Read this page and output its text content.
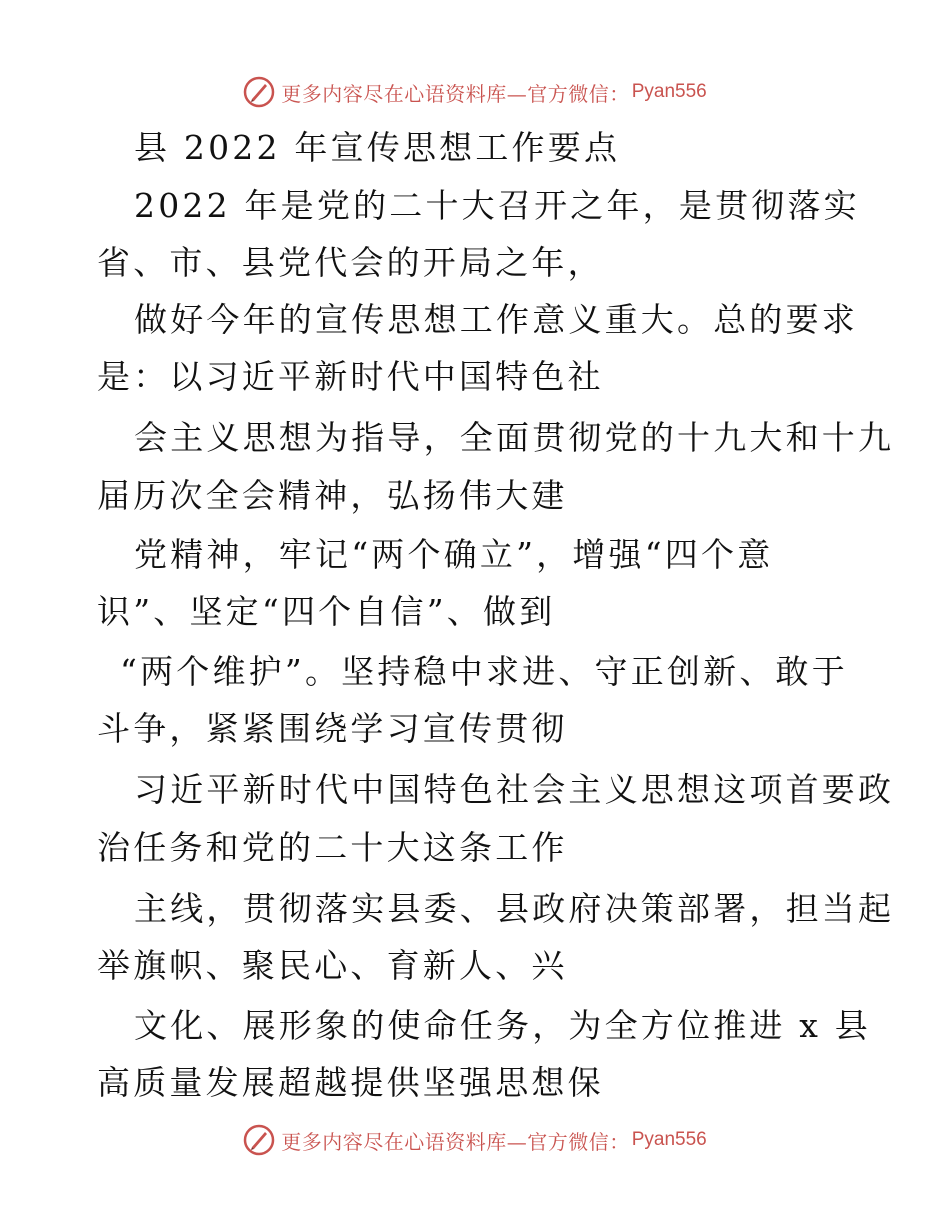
更多内容尽在心语资料库—官方微信： Pyan556
县 2022 年宣传思想工作要点
2022 年是党的二十大召开之年，是贯彻落实
省、市、县党代会的开局之年，
做好今年的宣传思想工作意义重大。总的要求
是：以习近平新时代中国特色社
会主义思想为指导，全面贯彻党的十九大和十九
届历次全会精神，弘扬伟大建
党精神，牢记“两个确立”，增强“四个意
识”、坚定“四个自信”、做到
“两个维护”。坚持稳中求进、守正创新、敢于
斗争，紧紧围绕学习宣传贯彻
习近平新时代中国特色社会主义思想这项首要政
治任务和党的二十大这条工作
主线，贯彻落实县委、县政府决策部署，担当起
举旗帜、聚民心、育新人、兴
文化、展形象的使命任务，为全方位推进 x 县
高质量发展超越提供坚强思想保
更多内容尽在心语资料库—官方微信： Pyan556
